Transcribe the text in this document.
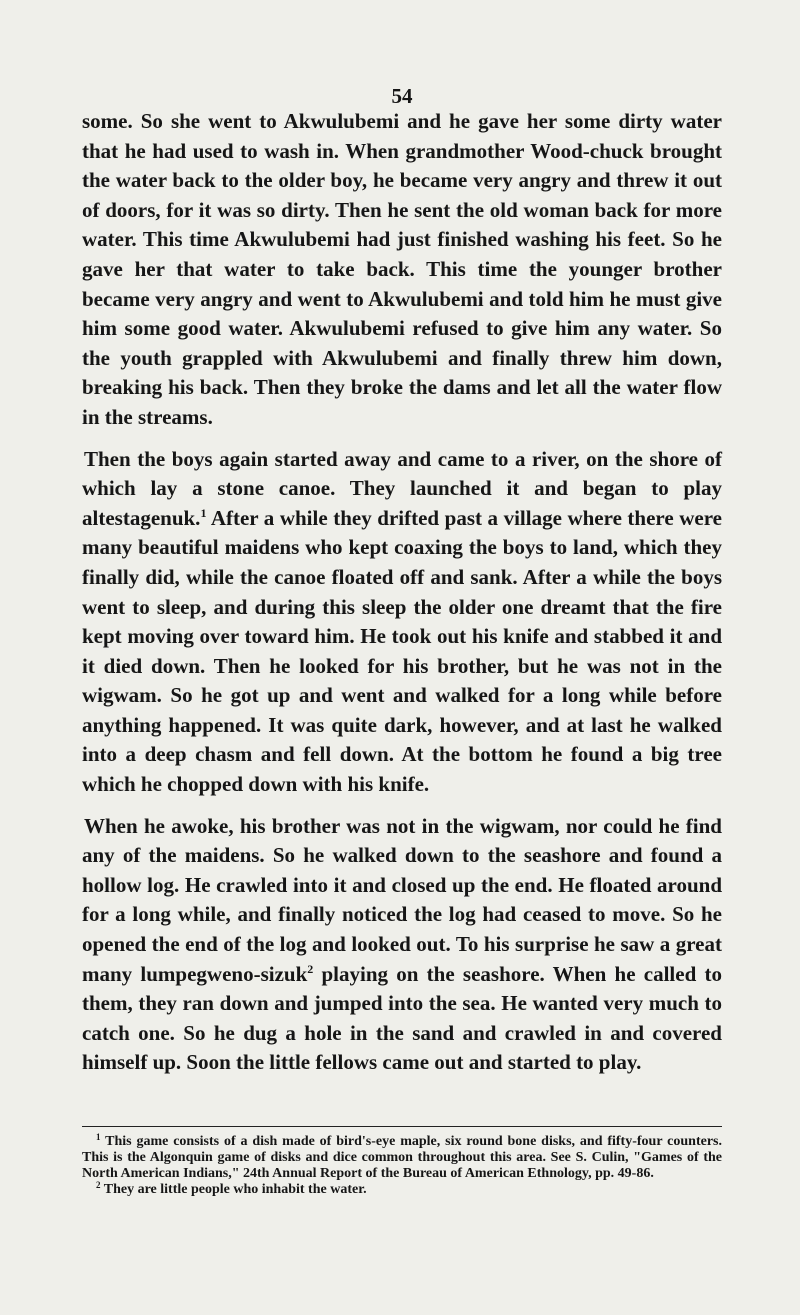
54

some. So she went to Akwulubemi and he gave her some dirty water that he had used to wash in. When grandmother Wood-chuck brought the water back to the older boy, he became very angry and threw it out of doors, for it was so dirty. Then he sent the old woman back for more water. This time Akwulubemi had just finished washing his feet. So he gave her that water to take back. This time the younger brother became very angry and went to Akwulubemi and told him he must give him some good water. Akwulubemi refused to give him any water. So the youth grappled with Akwulubemi and finally threw him down, breaking his back. Then they broke the dams and let all the water flow in the streams.

Then the boys again started away and came to a river, on the shore of which lay a stone canoe. They launched it and began to play altestagenuk.$^1$ After a while they drifted past a village where there were many beautiful maidens who kept coaxing the boys to land, which they finally did, while the canoe floated off and sank. After a while the boys went to sleep, and during this sleep the older one dreamt that the fire kept moving over toward him. He took out his knife and stabbed it and it died down. Then he looked for his brother, but he was not in the wigwam. So he got up and went and walked for a long while before anything happened. It was quite dark, however, and at last he walked into a deep chasm and fell down. At the bottom he found a big tree which he chopped down with his knife.

When he awoke, his brother was not in the wigwam, nor could he find any of the maidens. So he walked down to the seashore and found a hollow log. He crawled into it and closed up the end. He floated around for a long while, and finally noticed the log had ceased to move. So he opened the end of the log and looked out. To his surprise he saw a great many lumpegweno-sizuk$^2$ playing on the seashore. When he called to them, they ran down and jumped into the sea. He wanted very much to catch one. So he dug a hole in the sand and crawled in and covered himself up. Soon the little fellows came out and started to play.

$^1$ This game consists of a dish made of bird's-eye maple, six round bone disks, and fifty-four counters. This is the Algonquin game of disks and dice common throughout this area. See S. Culin, "Games of the North American Indians," 24th Annual Report of the Bureau of American Ethnology, pp. 49-86.

$^2$ They are little people who inhabit the water.
